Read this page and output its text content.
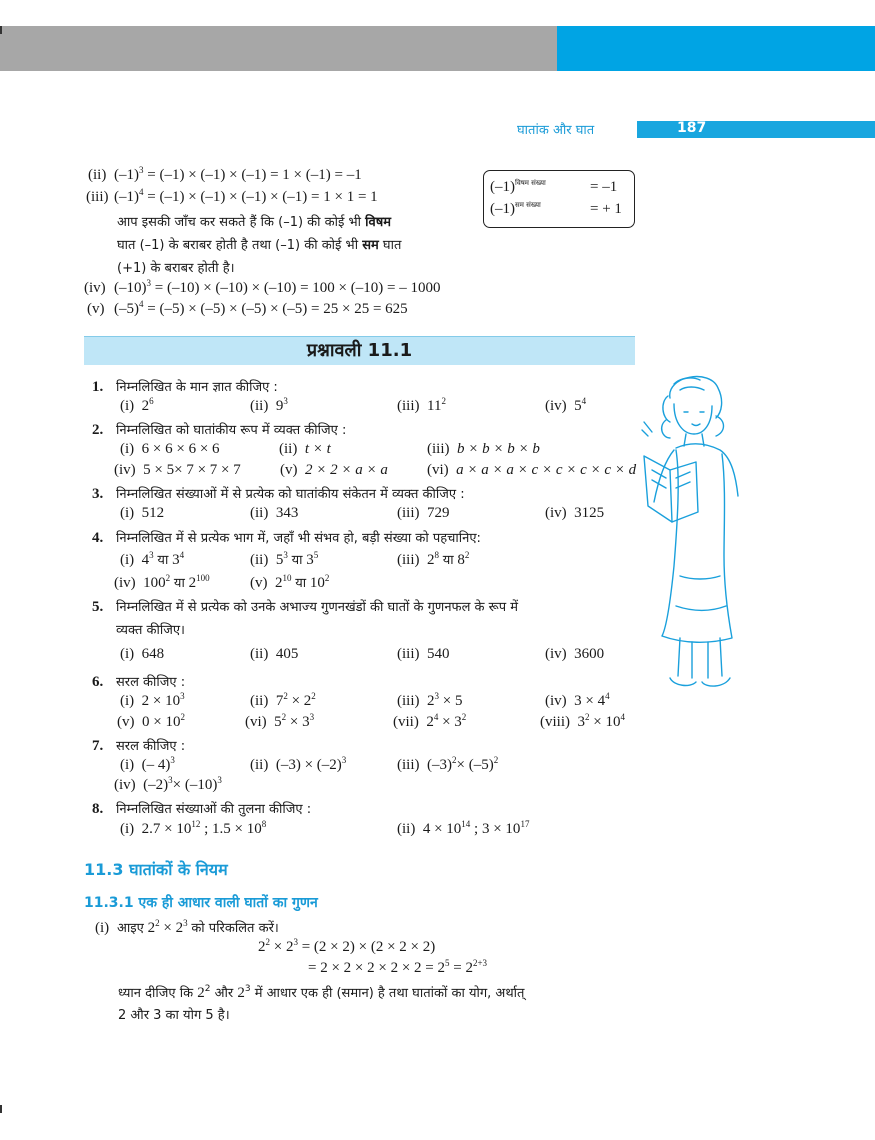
घातांक और घात	187
(ii) $(-1)^3 = (-1) \times (-1) \times (-1) = 1 \times (-1) = -1$
(iii) $(-1)^4 = (-1) \times (-1) \times (-1) \times (-1) = 1 \times 1 = 1$
आप इसकी जाँच कर सकते हैं कि (–1) की कोई भी विषम
घात (–1) के बराबर होती है तथा (–1) की कोई भी सम घात
(+1) के बराबर होती है।
(iv) $(-10)^3 = (-10) \times (-10) \times (-10) = 100 \times (-10)$ = – 1000
(v) $(-5)^4 = (-5) \times (-5) \times (-5) \times (-5) = 25 \times 25 = 625$
$(-1)^{विषम संख्या}$	= –1
$(-1)^{सम संख्या}$	= + 1
प्रश्नावली 11.1
1. निम्नलिखित के मान ज्ञात कीजिए :
(i) $2^6$	(ii) $9^3$	(iii) $11^2$	(iv) $5^4$
2. निम्नलिखित को घातांकीय रूप में व्यक्त कीजिए :
(i) 6 × 6 × 6 × 6	(ii) t × t	(iii) b × b × b × b
(iv) 5 × 5× 7 × 7 × 7	(v) 2 × 2 × a × a	(vi) a × a × a × c × c × c × c × d
3. निम्नलिखित संख्याओं में से प्रत्येक को घातांकीय संकेतन में व्यक्त कीजिए :
(i) 512	(ii) 343	(iii) 729	(iv) 3125
4. निम्नलिखित में से प्रत्येक भाग में, जहाँ भी संभव हो, बड़ी संख्या को पहचानिए:
(i) $4^3$ या $3^4$	(ii) $5^3$ या $3^5$	(iii) $2^8$ या $8^2$
(iv) $100^2$ या $2^{100}$	(v) $2^{10}$ या $10^2$
5. निम्नलिखित में से प्रत्येक को उनके अभाज्य गुणनखंडों की घातों के गुणनफल के रूप में
व्यक्त कीजिए।
(i) 648	(ii) 405	(iii) 540	(iv) 3600
6. सरल कीजिए :
(i) $2 \times 10^3$	(ii) $7^2 \times 2^2$	(iii) $2^3 \times 5$	(iv) $3 \times 4^4$
(v) $0 \times 10^2$	(vi) $5^2 \times 3^3$	(vii) $2^4 \times 3^2$	(viii) $3^2 \times 10^4$
7. सरल कीजिए :
(i) (– 4)$^3$	(ii) $(-3) \times (-2)^3$	(iii) $(-3)^2\times (-5)^2$
(iv) $(-2)^3\times (-10)^3$
8. निम्नलिखित संख्याओं की तुलना कीजिए :
(i) $2.7 \times 10^{12}$ ; $1.5 \times 10^8$	(ii) $4 \times 10^{14}$ ; $3 \times 10^{17}$
11.3 घातांकों के नियम
11.3.1 एक ही आधार वाली घातों का गुणन
(i) आइए $2^2 \times 2^3$ को परिकलित करें।
$2^2 \times 2^3 = (2 \times 2) \times (2 \times 2 \times 2)$
= $2 \times 2 \times 2 \times 2 \times 2 = 2^5 = 2^{2+3}$
ध्यान दीजिए कि $2^2$ और $2^3$ में आधार एक ही (समान) है तथा घातांकों का योग, अर्थात्
2 और 3 का योग 5 है।
